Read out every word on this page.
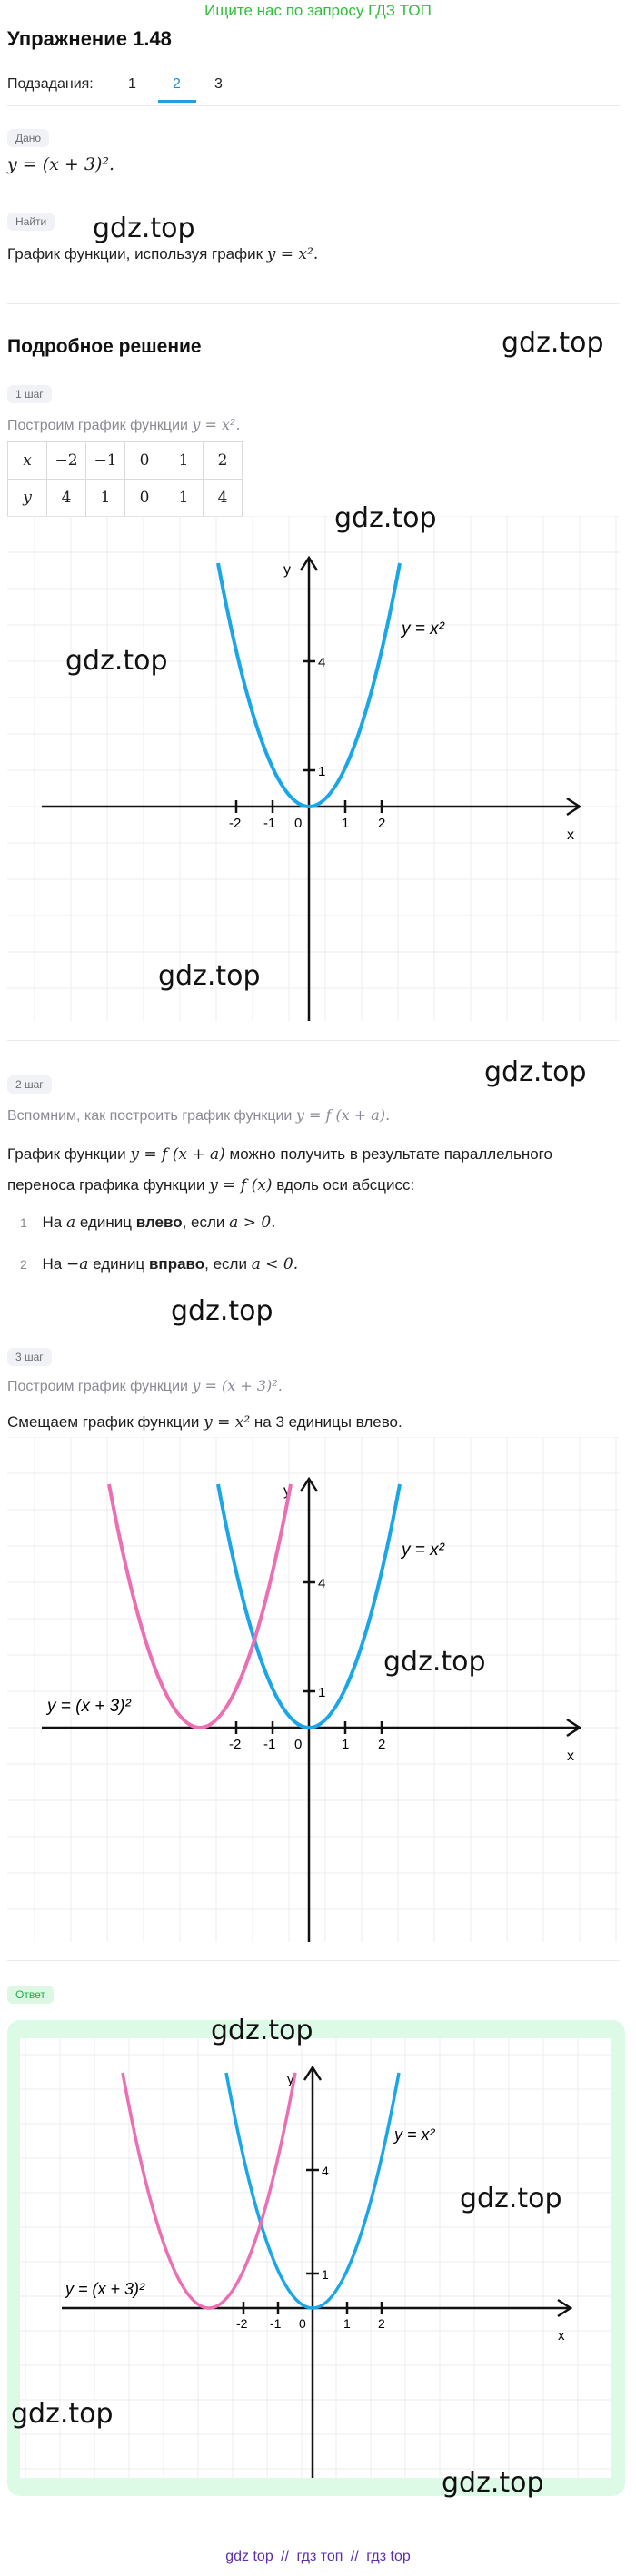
Ищите нас по запросу ГДЗ ТОП
Упражнение 1.48
Подзадания: 1	2 3
Дано
y = (x + 3)².
Найти	gdz.top
График функции, используя график y = x².
Подробное решение	gdz.top
1 шаг
Построим график функции y = x².
x	−2	−1	0	1	2
y	4	1	0	1	4
-2 -1 0	1 2
4
1
x
y
y = x²
gdz.top
gdz.top
gdz.top
gdz.top
2 шаг
Вспомним, как построить график функции y = f (x + a).
График функции y = f (x + a) можно получить в результате параллельного
переноса графика функции y = f (x) вдоль оси абсцисс:
1 На a единиц влево, если a > 0.
2 На −a единиц вправо, если a < 0.
gdz.top
3 шаг
Построим график функции y = (x + 3)².
Смещаем график функции y = x² на 3 единицы влево.
-2 -1 0	1 2
4
1
x
y
y = x²
y = (x + 3)²
gdz.top
Ответ
-2 -1 0	1 2
4
1
x
y
y = x²
y = (x + 3)²
gdz.top
gdz.top
gdz.top
gdz.top
gdz top // гдз топ // гдз top
